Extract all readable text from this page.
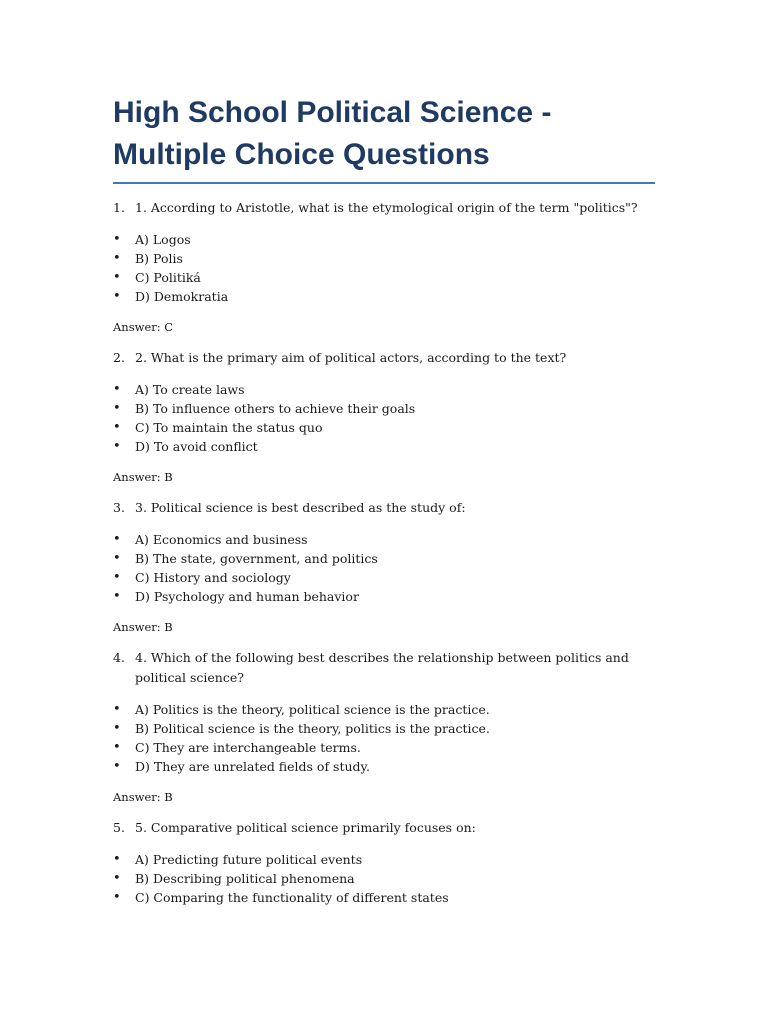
High School Political Science - Multiple Choice Questions
1. 1. According to Aristotle, what is the etymological origin of the term "politics"?
• A) Logos
• B) Polis
• C) Politiká
• D) Demokratia
Answer: C
2. 2. What is the primary aim of political actors, according to the text?
• A) To create laws
• B) To influence others to achieve their goals
• C) To maintain the status quo
• D) To avoid conflict
Answer: B
3. 3. Political science is best described as the study of:
• A) Economics and business
• B) The state, government, and politics
• C) History and sociology
• D) Psychology and human behavior
Answer: B
4. 4. Which of the following best describes the relationship between politics and political science?
• A) Politics is the theory, political science is the practice.
• B) Political science is the theory, politics is the practice.
• C) They are interchangeable terms.
• D) They are unrelated fields of study.
Answer: B
5. 5. Comparative political science primarily focuses on:
• A) Predicting future political events
• B) Describing political phenomena
• C) Comparing the functionality of different states
